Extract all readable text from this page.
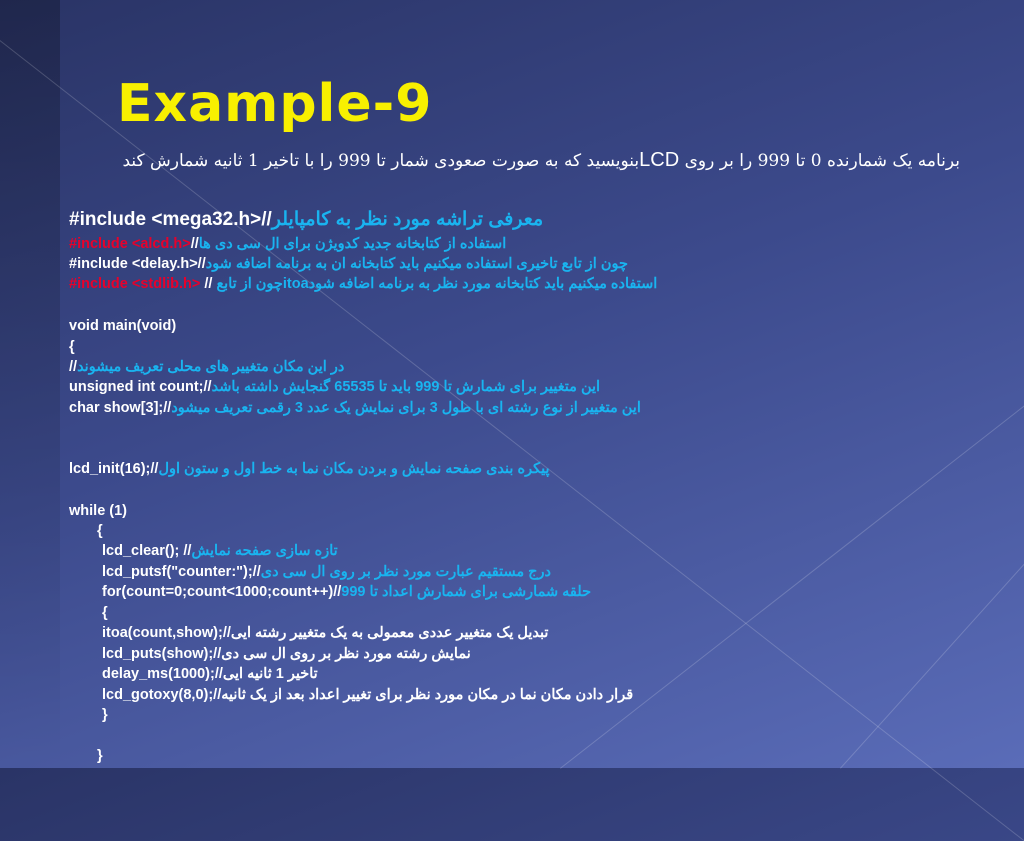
Example-9
برنامه یک شمارنده 0 تا 999 را بر روی LCDبنویسید که به صورت صعودی شمار تا 999 را با تاخیر 1 ثانیه شمارش کند
#include <mega32.h>//معرفی تراشه مورد نظر به کامپایلر
#include <alcd.h>//استفاده از کتابخانه جدید کدویژن برای ال سی دی ها
#include <delay.h>//چون از تابع تاخیری استفاده میکنیم باید کتابخانه ان به برنامه اضافه شود
#include <stdlib.h> // استفاده میکنیم باید کتابخانه مورد نظر به برنامه اضافه شودitoaچون از تابع
void main(void)
{
//در این مکان متغییر های محلی تعریف میشوند
unsigned int count;//این متغییر برای شمارش تا 999 باید تا 65535 گنجایش داشته باشد
char show[3];//این متغییر از نوع رشته ای با طول 3 برای نمایش یک عدد 3 رقمی تعریف میشود
lcd_init(16);//پیکره بندی صفحه نمایش و بردن مکان نما به خط اول و ستون اول
while (1)
{
lcd_clear(); //تازه سازی صفحه نمایش
lcd_putsf("counter:");//درج مستقیم عبارت مورد نظر بر روی ال سی دی
for(count=0;count<1000;count++)//حلقه شمارشی برای شمارش اعداد تا 999
{
itoa(count,show);//تبدیل یک متغییر عددی معمولی به یک متغییر رشته ایی
lcd_puts(show);//نمایش رشته مورد نظر بر روی ال سی دی
delay_ms(1000);//تاخیر 1 ثانیه ایی
lcd_gotoxy(8,0);//قرار دادن مکان نما در مکان مورد نظر برای تغییر اعداد بعد از یک ثانیه
}
}
